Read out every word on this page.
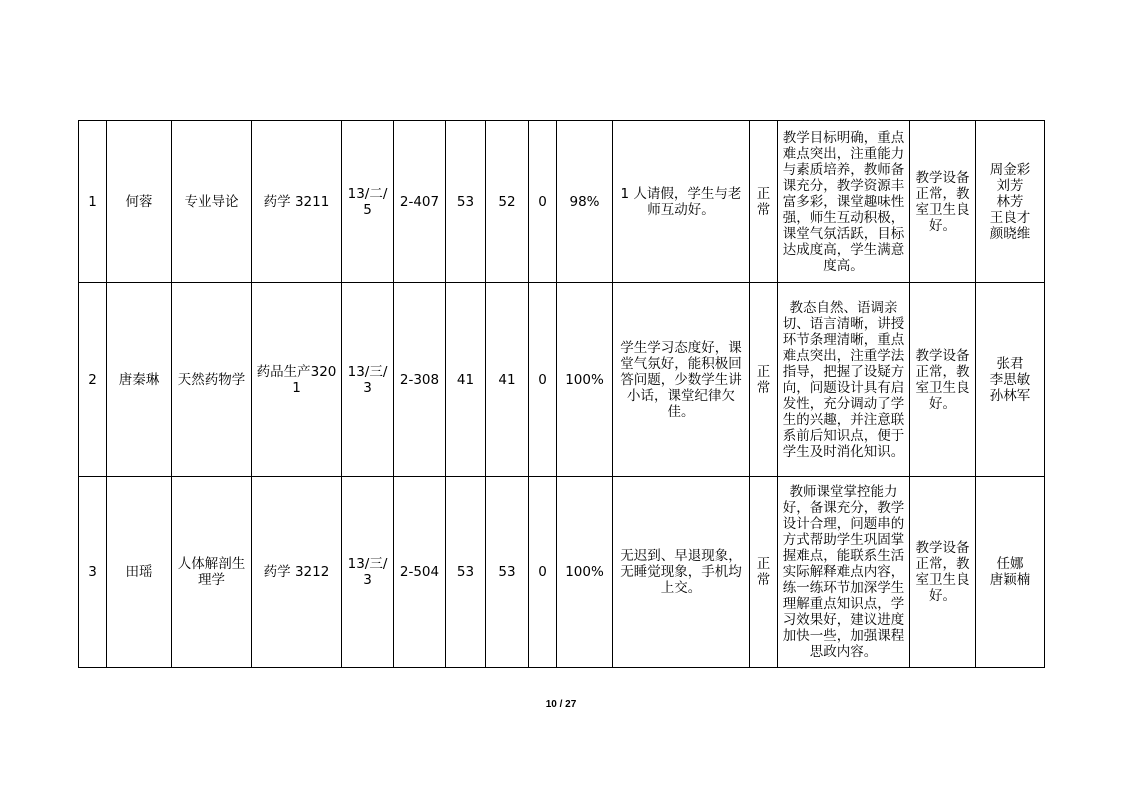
1	何蓉	专业导论	药学 3211	13/二/5	2-407	53	52	0	98%	1 人请假，学生与老师互动好。	正常	教学目标明确，重点难点突出，注重能力与素质培养，教师备课充分，教学资源丰富多彩，课堂趣味性强，师生互动积极，课堂气氛活跃，目标达成度高，学生满意度高。	教学设备正常，教室卫生良好。	周金彩
刘芳
林芳
王良才
颜晓维
2	唐秦琳	天然药物学	药品生产3201	13/三/3	2-308	41	41	0	100%	学生学习态度好，课堂气氛好，能积极回答问题，少数学生讲小话，课堂纪律欠佳。	正常	教态自然、语调亲切、语言清晰，讲授环节条理清晰，重点难点突出，注重学法指导，把握了设疑方向，问题设计具有启发性，充分调动了学生的兴趣，并注意联系前后知识点，便于学生及时消化知识。	教学设备正常，教室卫生良好。	张君
李思敏
孙林军
3	田瑶	人体解剖生理学	药学 3212	13/三/3	2-504	53	53	0	100%	无迟到、早退现象，无睡觉现象，手机均上交。	正常	教师课堂掌控能力好，备课充分，教学设计合理，问题串的方式帮助学生巩固掌握难点，能联系生活实际解释难点内容，练一练环节加深学生理解重点知识点，学习效果好，建议进度加快一些，加强课程思政内容。	教学设备正常，教室卫生良好。	任娜
唐颖楠
10 / 27
